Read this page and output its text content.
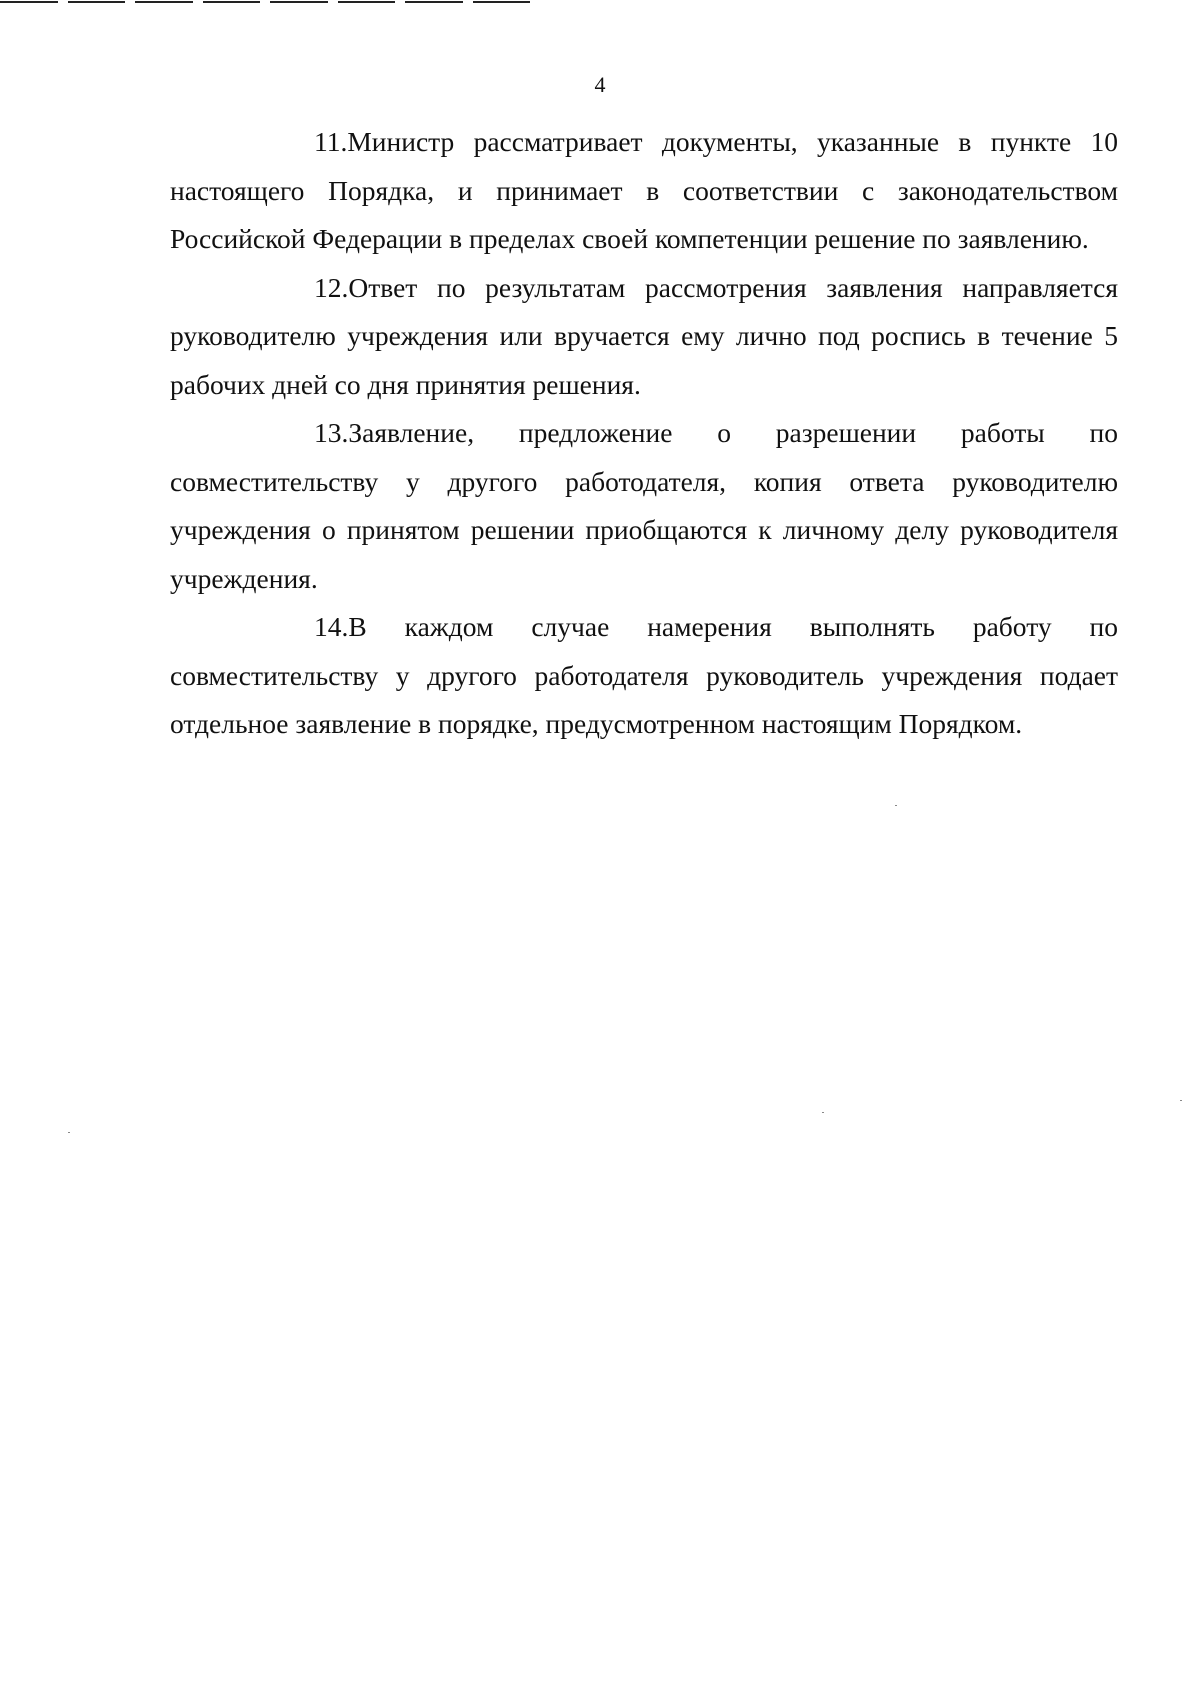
4

11.Министр рассматривает документы, указанные в пункте 10 настоящего Порядка, и принимает в соответствии с законодательством Российской Федерации в пределах своей компетенции решение по заявлению.

12.Ответ по результатам рассмотрения заявления направляется руководителю учреждения или вручается ему лично под роспись в течение 5 рабочих дней со дня принятия решения.

13.Заявление, предложение о разрешении работы по совместительству у другого работодателя, копия ответа руководителю учреждения о принятом решении приобщаются к личному делу руководителя учреждения.

14.В каждом случае намерения выполнять работу по совместительству у другого работодателя руководитель учреждения подает отдельное заявление в порядке, предусмотренном настоящим Порядком.
